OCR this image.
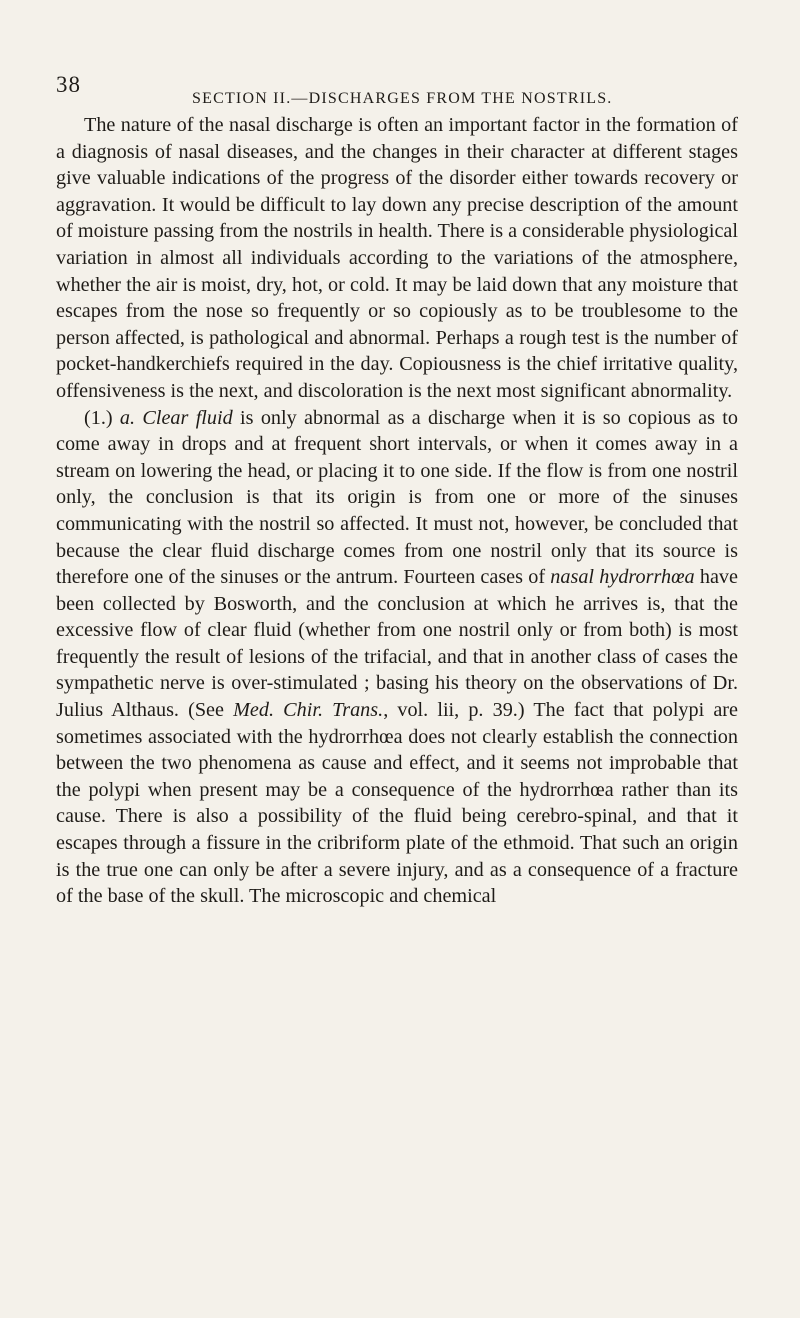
38
SECTION II.—DISCHARGES FROM THE NOSTRILS.

The nature of the nasal discharge is often an important factor in the formation of a diagnosis of nasal diseases, and the changes in their character at different stages give valuable indications of the progress of the disorder either towards recovery or aggravation. It would be difficult to lay down any precise description of the amount of moisture passing from the nostrils in health. There is a considerable physiological variation in almost all individuals according to the variations of the atmosphere, whether the air is moist, dry, hot, or cold. It may be laid down that any moisture that escapes from the nose so frequently or so copiously as to be troublesome to the person affected, is pathological and abnormal. Perhaps a rough test is the number of pocket-handkerchiefs required in the day. Copiousness is the chief irritative quality, offensiveness is the next, and discoloration is the next most significant abnormality.

(1.) a. Clear fluid is only abnormal as a discharge when it is so copious as to come away in drops and at frequent short intervals, or when it comes away in a stream on lowering the head, or placing it to one side. If the flow is from one nostril only, the conclusion is that its origin is from one or more of the sinuses communicating with the nostril so affected. It must not, however, be concluded that because the clear fluid discharge comes from one nostril only that its source is therefore one of the sinuses or the antrum. Fourteen cases of nasal hydrorrhœa have been collected by Bosworth, and the conclusion at which he arrives is, that the excessive flow of clear fluid (whether from one nostril only or from both) is most frequently the result of lesions of the trifacial, and that in another class of cases the sympathetic nerve is over-stimulated ; basing his theory on the observations of Dr. Julius Althaus. (See Med. Chir. Trans., vol. lii, p. 39.) The fact that polypi are sometimes associated with the hydrorrhœa does not clearly establish the connection between the two phenomena as cause and effect, and it seems not improbable that the polypi when present may be a consequence of the hydrorrhœa rather than its cause. There is also a possibility of the fluid being cerebro-spinal, and that it escapes through a fissure in the cribriform plate of the ethmoid. That such an origin is the true one can only be after a severe injury, and as a consequence of a fracture of the base of the skull. The microscopic and chemical
